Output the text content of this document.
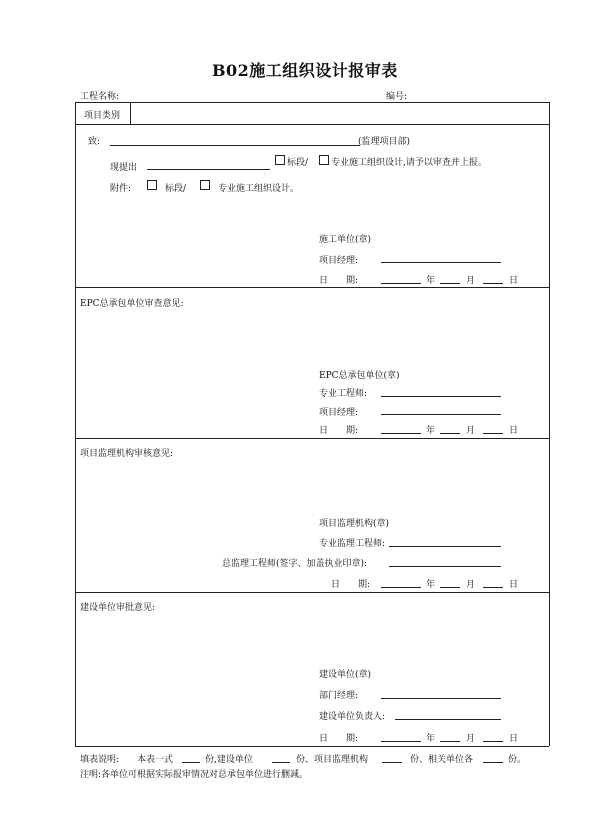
B02施工组织设计报审表
工程名称:	编号:
项目类别
致:	(监理项目部)
现提出	标段/	专业施工组织设计,请予以审查并上报。
附件:	标段/	专业施工组织设计。
施工单位(章)
项目经理:
日　　期:	年	月	日
EPC总承包单位审查意见:
EPC总承包单位(章)
专业工程师:
项目经理:
日　　期:	年	月	日
项目监理机构审核意见:
项目监理机构(章)
专业监理工程师:
总监理工程师(签字、加盖执业印章):
日　　期:	年	月	日
建设单位审批意见:
建设单位(章)
部门经理:
建设单位负责人:
日　　期:	年	月	日
填表说明: 本表一式	份,建设单位	份、项目监理机构	份、相关单位各	份。
注明:各单位可根据实际报审情况对总承包单位进行删减。
